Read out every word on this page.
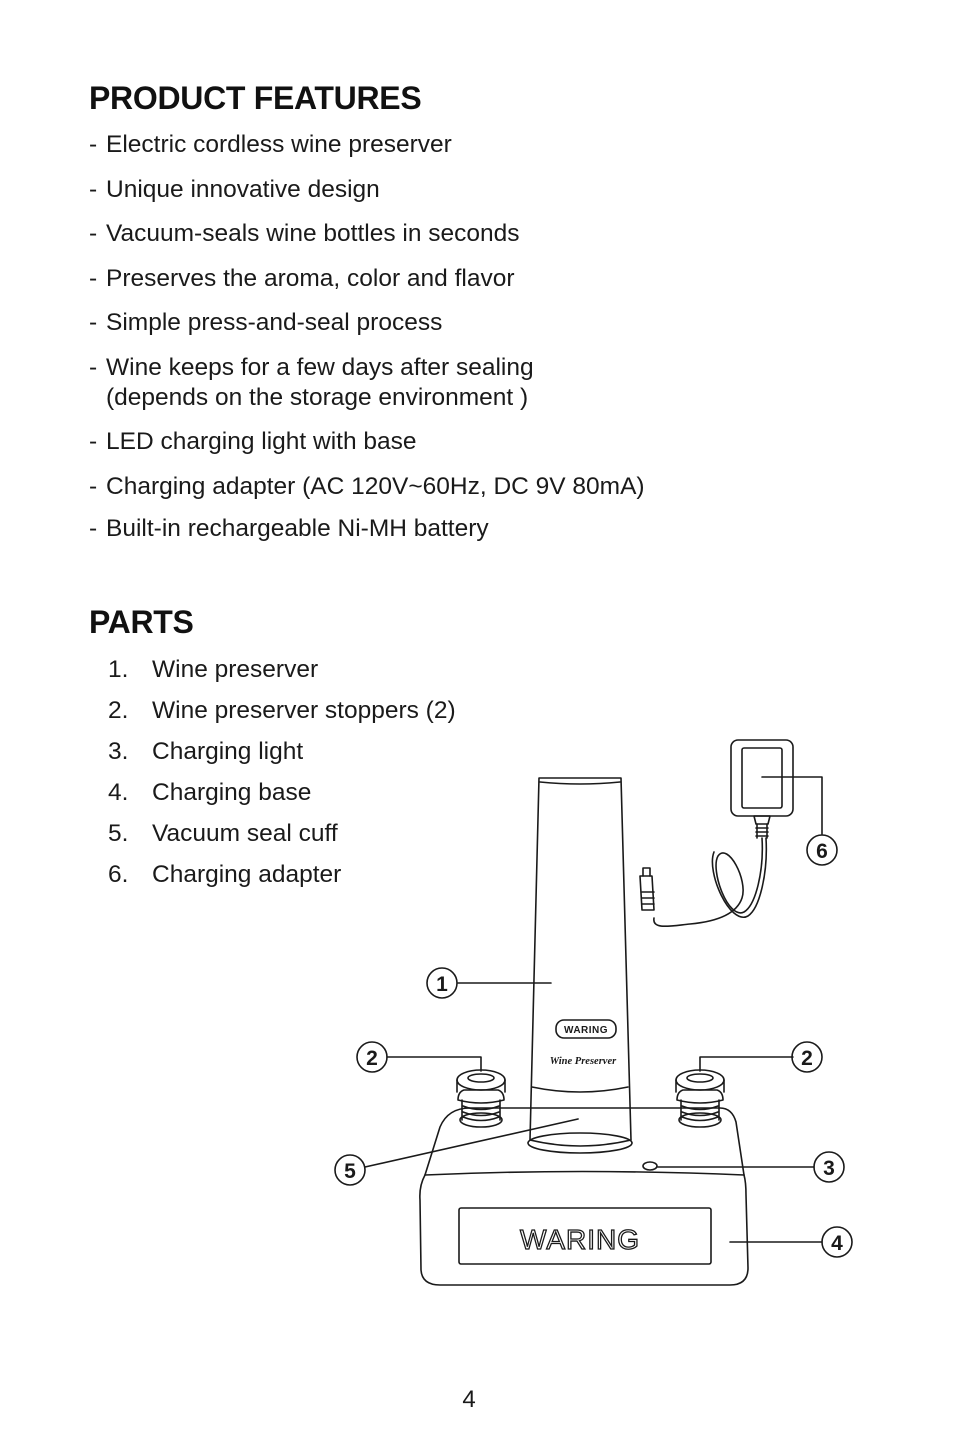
PRODUCT FEATURES
- Electric cordless wine preserver
- Unique innovative design
- Vacuum-seals wine bottles in seconds
- Preserves the aroma, color and flavor
- Simple press-and-seal process
- Wine keeps for a few days after sealing
(depends on the storage environment )
- LED charging light with base
- Charging adapter (AC 120V~60Hz, DC 9V 80mA)
- Built-in rechargeable Ni-MH battery
PARTS
1. Wine preserver
2. Wine preserver stoppers (2)
3. Charging light
4. Charging base
5. Vacuum seal cuff
6. Charging adapter
1
2	2
3
4
5
6
WARING
Wine Preserver
WARING
4
